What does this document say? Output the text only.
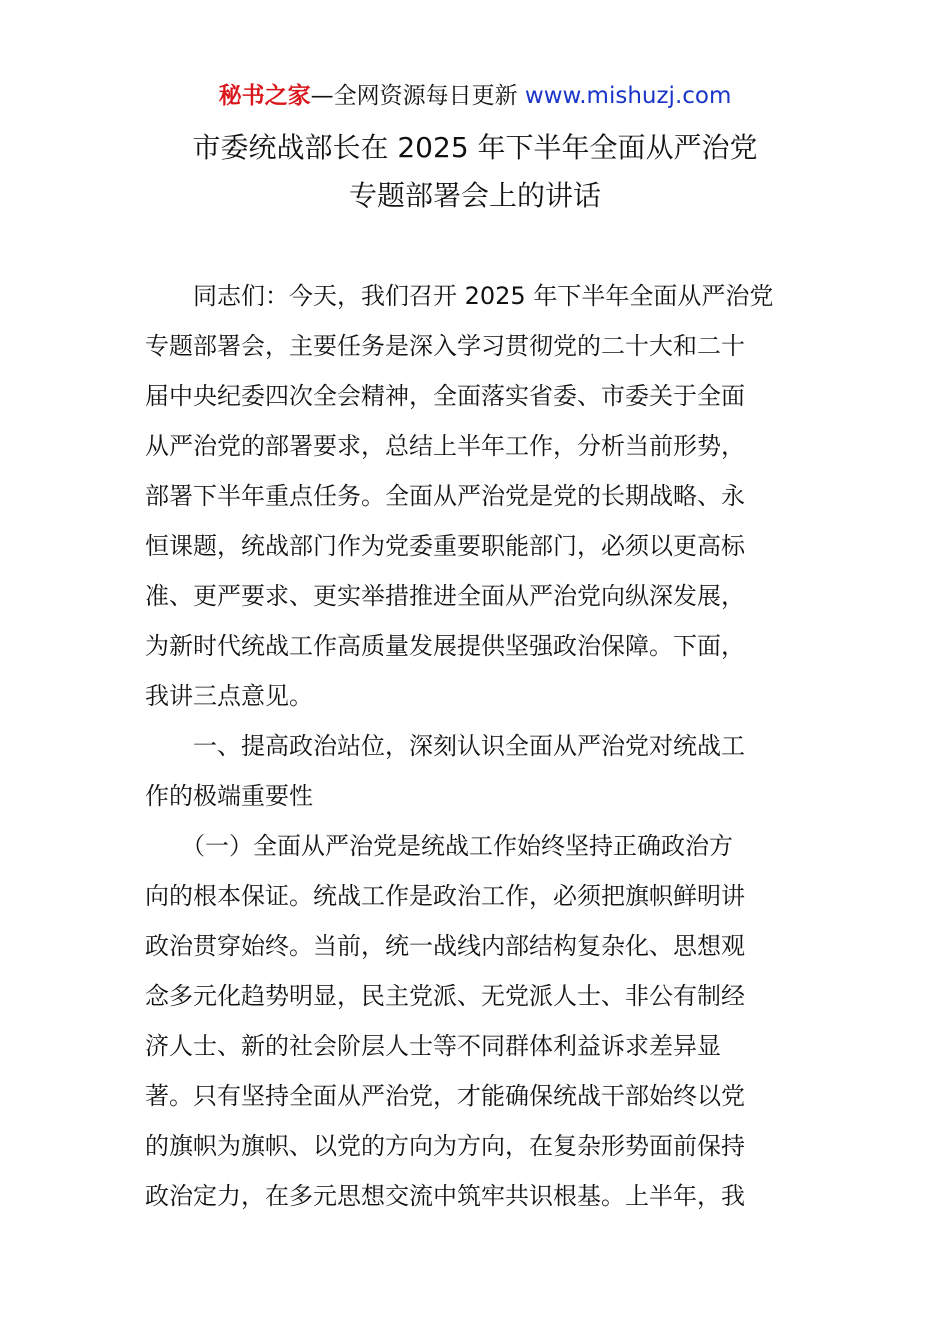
秘书之家—全网资源每日更新 www.mishuzj.com
市委统战部长在 2025 年下半年全面从严治党
专题部署会上的讲话
　　同志们：今天，我们召开 2025 年下半年全面从严治党
专题部署会，主要任务是深入学习贯彻党的二十大和二十
届中央纪委四次全会精神，全面落实省委、市委关于全面
从严治党的部署要求，总结上半年工作，分析当前形势，
部署下半年重点任务。全面从严治党是党的长期战略、永
恒课题，统战部门作为党委重要职能部门，必须以更高标
准、更严要求、更实举措推进全面从严治党向纵深发展，
为新时代统战工作高质量发展提供坚强政治保障。下面，
我讲三点意见。
　　一、提高政治站位，深刻认识全面从严治党对统战工
作的极端重要性
　　（一）全面从严治党是统战工作始终坚持正确政治方
向的根本保证。统战工作是政治工作，必须把旗帜鲜明讲
政治贯穿始终。当前，统一战线内部结构复杂化、思想观
念多元化趋势明显，民主党派、无党派人士、非公有制经
济人士、新的社会阶层人士等不同群体利益诉求差异显
著。只有坚持全面从严治党，才能确保统战干部始终以党
的旗帜为旗帜、以党的方向为方向，在复杂形势面前保持
政治定力，在多元思想交流中筑牢共识根基。上半年，我
